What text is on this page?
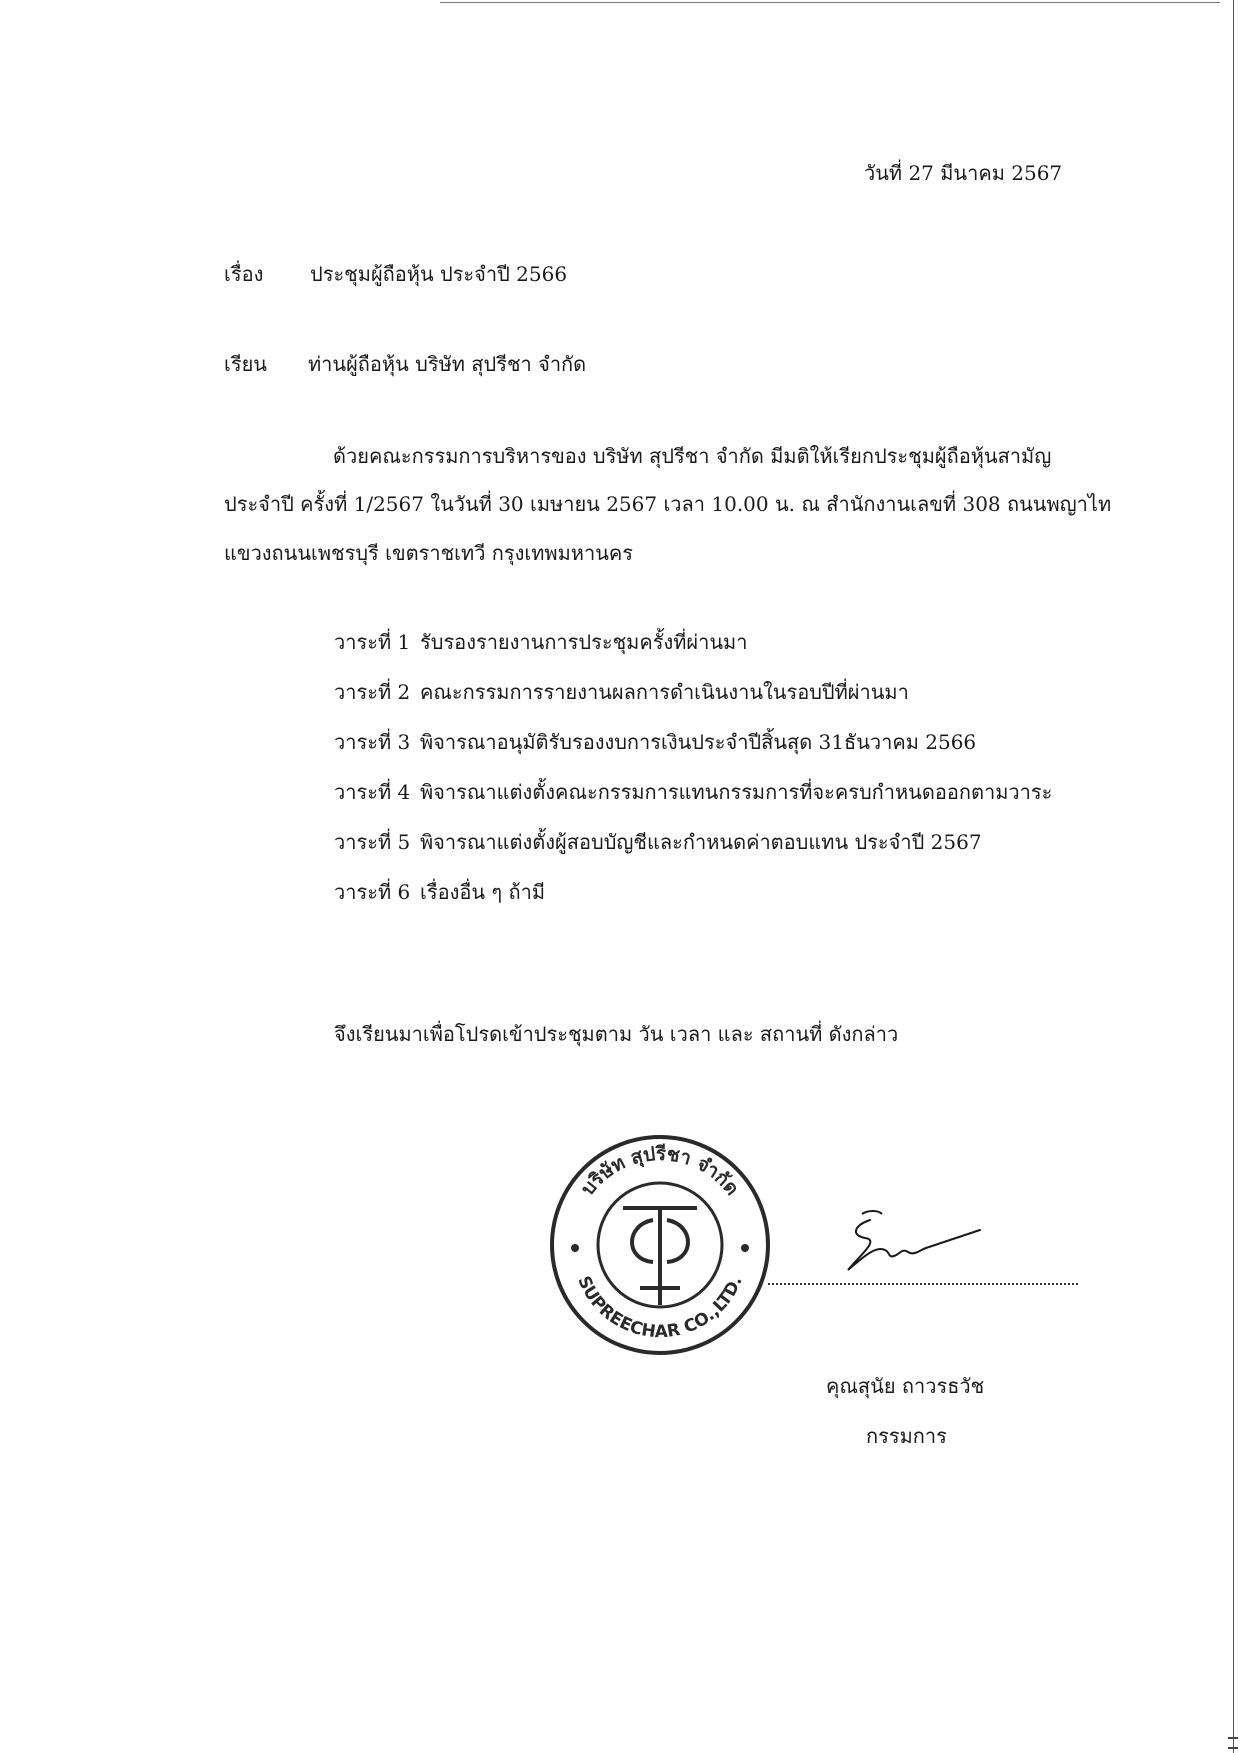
วันที่ 27 มีนาคม 2567
เรื่อง ประชุมผู้ถือหุ้น ประจำปี 2566
เรียน ท่านผู้ถือหุ้น บริษัท สุปรีชา จำกัด
ด้วยคณะกรรมการบริหารของ บริษัท สุปรีชา จำกัด มีมติให้เรียกประชุมผู้ถือหุ้นสามัญ
ประจำปี ครั้งที่ 1/2567 ในวันที่ 30 เมษายน 2567 เวลา 10.00 น. ณ สำนักงานเลขที่ 308 ถนนพญาไท
แขวงถนนเพชรบุรี เขตราชเทวี กรุงเทพมหานคร
วาระที่ 1 รับรองรายงานการประชุมครั้งที่ผ่านมา
วาระที่ 2 คณะกรรมการรายงานผลการดำเนินงานในรอบปีที่ผ่านมา
วาระที่ 3 พิจารณาอนุมัติรับรองงบการเงินประจำปีสิ้นสุด 31ธันวาคม 2566
วาระที่ 4 พิจารณาแต่งตั้งคณะกรรมการแทนกรรมการที่จะครบกำหนดออกตามวาระ
วาระที่ 5 พิจารณาแต่งตั้งผู้สอบบัญชีและกำหนดค่าตอบแทน ประจำปี 2567
วาระที่ 6 เรื่องอื่น ๆ ถ้ามี
จึงเรียนมาเพื่อโปรดเข้าประชุมตาม วัน เวลา และ สถานที่ ดังกล่าว
บริษัท สุปรีชา จำกัด
SUPREECHAR CO.,LTD.
คุณสุนัย ถาวรธวัช
กรรมการ
